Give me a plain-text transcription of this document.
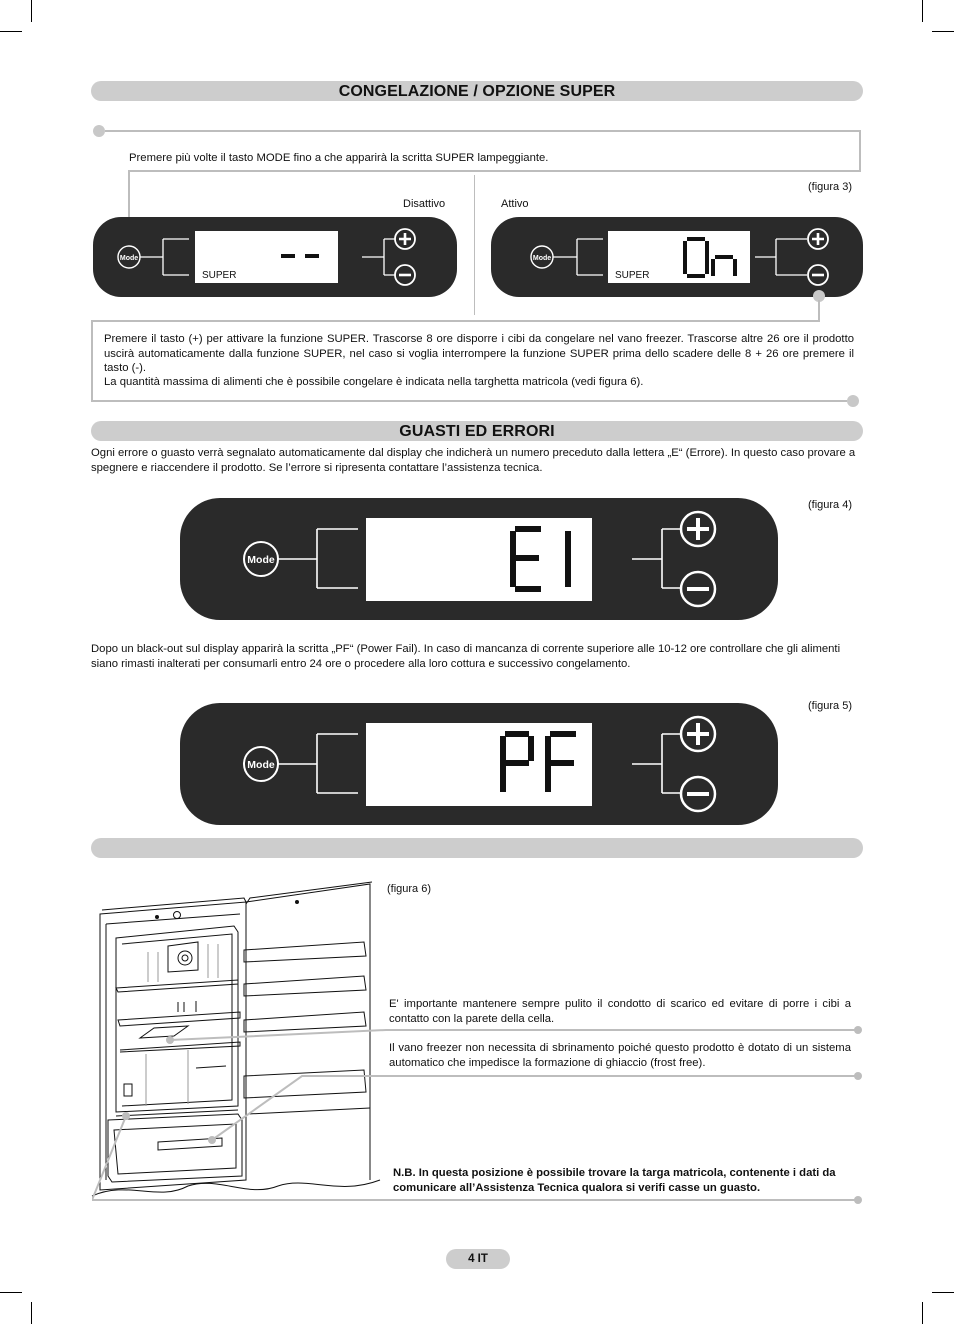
CONGELAZIONE / OPZIONE SUPER

Premere più volte il tasto MODE fino a che apparirà la scritta SUPER lampeggiante.

(figura 3)
Disattivo	Attivo
Mode
SUPER
Mode
SUPER

Premere il tasto (+) per attivare la funzione SUPER. Trascorse 8 ore disporre i cibi da congelare nel vano freezer. Trascorse altre 26 ore il prodotto uscirà automaticamente dalla funzione SUPER, nel caso si voglia interrompere la funzione SUPER prima dello scadere delle 8 + 26 ore premere il tasto (-).

La quantità massima di alimenti che è possibile congelare è indicata nella targhetta matricola (vedi figura 6).

GUASTI ED ERRORI

Ogni errore o guasto verrà segnalato automaticamente dal display che indicherà un numero preceduto dalla lettera „E“ (Errore). In questo caso provare a spegnere e riaccendere il prodotto. Se l’errore si ripresenta contattare l’assistenza tecnica.

(figura 4)
Mode

Dopo un black-out sul display apparirà la scritta „PF“ (Power Fail). In caso di mancanza di corrente superiore alle 10-12 ore controllare che gli alimenti siano rimasti inalterati per consumarli entro 24 ore o procedere alla loro cottura e successivo congelamento.

(figura 5)
Mode
(figura 6)

E' importante mantenere sempre pulito il condotto di scarico ed evitare di porre i cibi a contatto con la parete della cella.

Il vano freezer non necessita di sbrinamento poiché questo prodotto è dotato di un sistema automatico che impedisce la formazione di ghiaccio (frost free).

N.B. In questa posizione è possibile trovare la targa matricola, contenente i dati da comunicare all’Assistenza Tecnica qualora si verifi casse un guasto.

4 IT
